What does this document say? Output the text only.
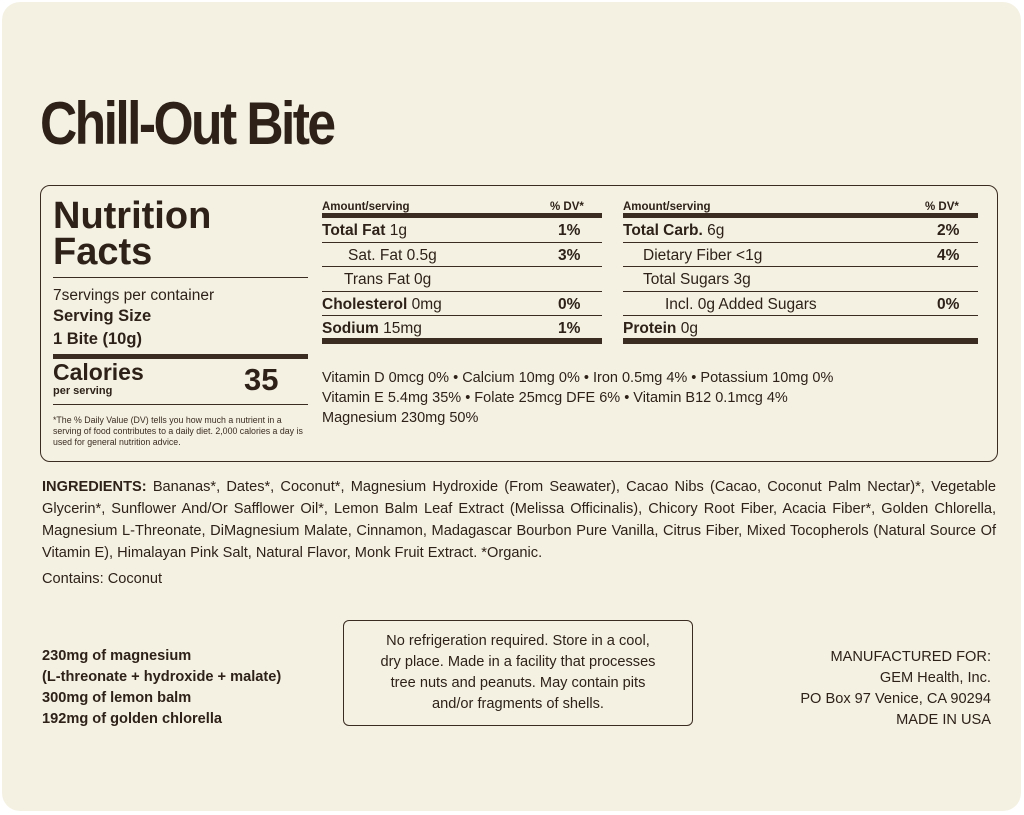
Chill-Out Bite
Nutrition
Facts
7servings per container
Serving Size
1 Bite (10g)
Calories
per serving	35
*The % Daily Value (DV) tells you how much a nutrient in a serving of food contributes to a daily diet. 2,000 calories a day is used for general nutrition advice.
Amount/serving	% DV*
Total Fat 1g	1%
Sat. Fat 0.5g	3%
Trans Fat 0g
Cholesterol 0mg	0%
Sodium 15mg	1%
Amount/serving	% DV*
Total Carb. 6g	2%
Dietary Fiber <1g	4%
Total Sugars 3g
Incl. 0g Added Sugars	0%
Protein 0g
Vitamin D 0mcg 0% • Calcium 10mg 0% • Iron 0.5mg 4% • Potassium 10mg 0%
Vitamin E 5.4mg 35% • Folate 25mcg DFE 6% • Vitamin B12 0.1mcg 4%
Magnesium 230mg 50%
INGREDIENTS: Bananas*, Dates*, Coconut*, Magnesium Hydroxide (From Seawater), Cacao Nibs (Cacao, Coconut Palm Nectar)*, Vegetable Glycerin*, Sunflower And/Or Safflower Oil*, Lemon Balm Leaf Extract (Melissa Officinalis), Chicory Root Fiber, Acacia Fiber*, Golden Chlorella, Magnesium L-Threonate, DiMagnesium Malate, Cinnamon, Madagascar Bourbon Pure Vanilla, Citrus Fiber, Mixed Tocopherols (Natural Source Of Vitamin E), Himalayan Pink Salt, Natural Flavor, Monk Fruit Extract. *Organic.
Contains: Coconut
230mg of magnesium
(L-threonate + hydroxide + malate)
300mg of lemon balm
192mg of golden chlorella
No refrigeration required. Store in a cool,
dry place. Made in a facility that processes
tree nuts and peanuts. May contain pits
and/or fragments of shells.
MANUFACTURED FOR:
GEM Health, Inc.
PO Box 97 Venice, CA 90294
MADE IN USA
